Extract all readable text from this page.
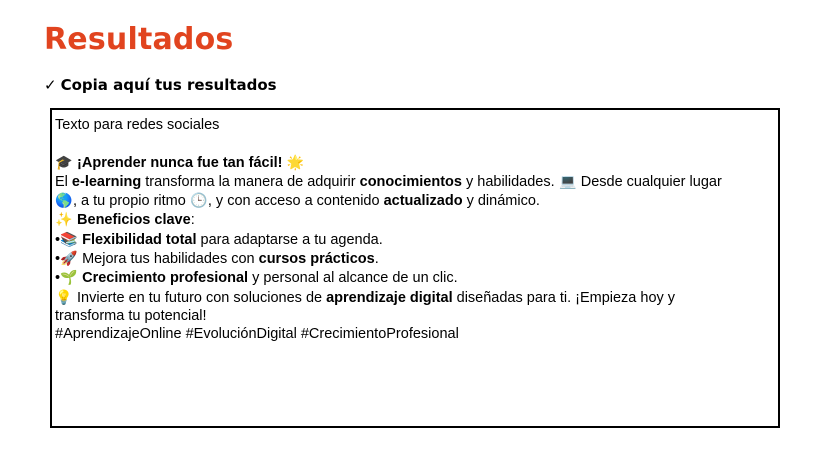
Resultados
✓ Copia aquí tus resultados
Texto para redes sociales
🎓 ¡Aprender nunca fue tan fácil! 🌟
El e-learning transforma la manera de adquirir conocimientos y habilidades. 💻 Desde cualquier lugar
🌎, a tu propio ritmo 🕒, y con acceso a contenido actualizado y dinámico.
✨ Beneficios clave:
•📚 Flexibilidad total para adaptarse a tu agenda.
•🚀 Mejora tus habilidades con cursos prácticos.
•🌱 Crecimiento profesional y personal al alcance de un clic.
💡 Invierte en tu futuro con soluciones de aprendizaje digital diseñadas para ti. ¡Empieza hoy y
transforma tu potencial!
#AprendizajeOnline #EvoluciónDigital #CrecimientoProfesional
